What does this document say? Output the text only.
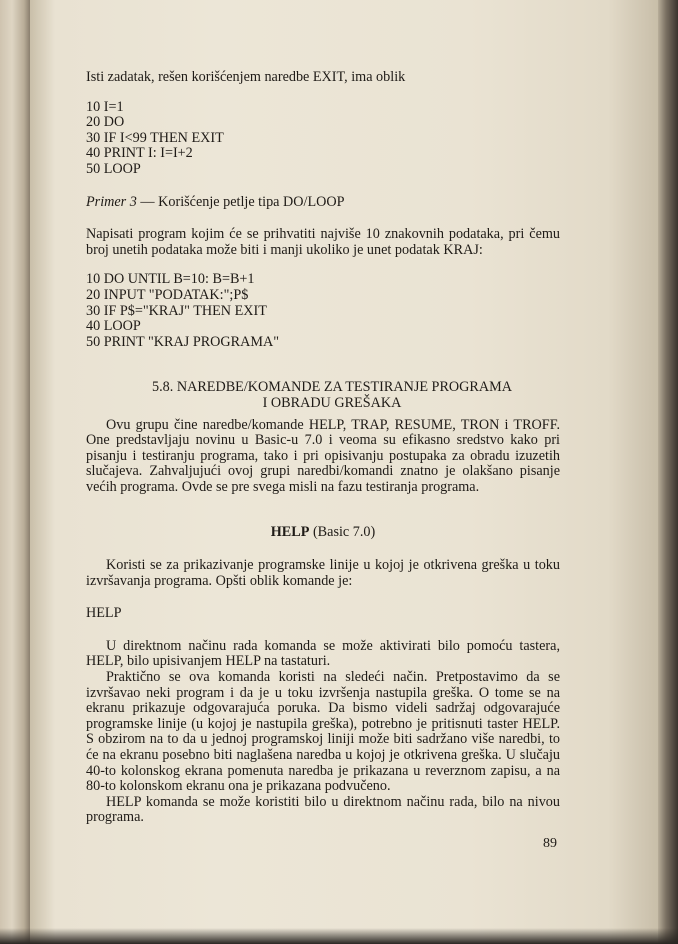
Isti zadatak, rešen korišćenjem naredbe EXIT, ima oblik

10 I=1
20 DO
30 IF I<99 THEN EXIT
40 PRINT I: I=I+2
50 LOOP

Primer 3 — Korišćenje petlje tipa DO/LOOP

Napisati program kojim će se prihvatiti najviše 10 znakovnih podataka, pri čemu broj unetih podataka može biti i manji ukoliko je unet podatak KRAJ:

10 DO UNTIL B=10: B=B+1
20 INPUT "PODATAK:";P$
30 IF P$="KRAJ" THEN EXIT
40 LOOP
50 PRINT "KRAJ PROGRAMA"
5.8. NAREDBE/KOMANDE ZA TESTIRANJE PROGRAMA
I OBRADU GREŠAKA

Ovu grupu čine naredbe/komande HELP, TRAP, RESUME, TRON i TROFF. One predstavljaju novinu u Basic-u 7.0 i veoma su efikasno sredstvo kako pri pisanju i testiranju programa, tako i pri opisivanju postupaka za obradu izuzetih slučajeva. Zahvaljujući ovoj grupi naredbi/komandi znatno je olakšano pisanje većih programa. Ovde se pre svega misli na fazu testiranja programa.

HELP (Basic 7.0)

Koristi se za prikazivanje programske linije u kojoj je otkrivena greška u toku izvršavanja programa. Opšti oblik komande je:

HELP

U direktnom načinu rada komanda se može aktivirati bilo pomoću tastera, HELP, bilo upisivanjem HELP na tastaturi.

Praktično se ova komanda koristi na sledeći način. Pretpostavimo da se izvršavao neki program i da je u toku izvršenja nastupila greška. O tome se na ekranu prikazuje odgovarajuća poruka. Da bismo videli sadržaj odgovarajuće programske linije (u kojoj je nastupila greška), potrebno je pritisnuti taster HELP. S obzirom na to da u jednoj programskoj liniji može biti sadržano više naredbi, to će na ekranu posebno biti naglašena naredba u kojoj je otkrivena greška. U slučaju 40-to kolonskog ekrana pomenuta naredba je prikazana u reverznom zapisu, a na 80-to kolonskom ekranu ona je prikazana podvučeno.

HELP komanda se može koristiti bilo u direktnom načinu rada, bilo na nivou programa.

89
